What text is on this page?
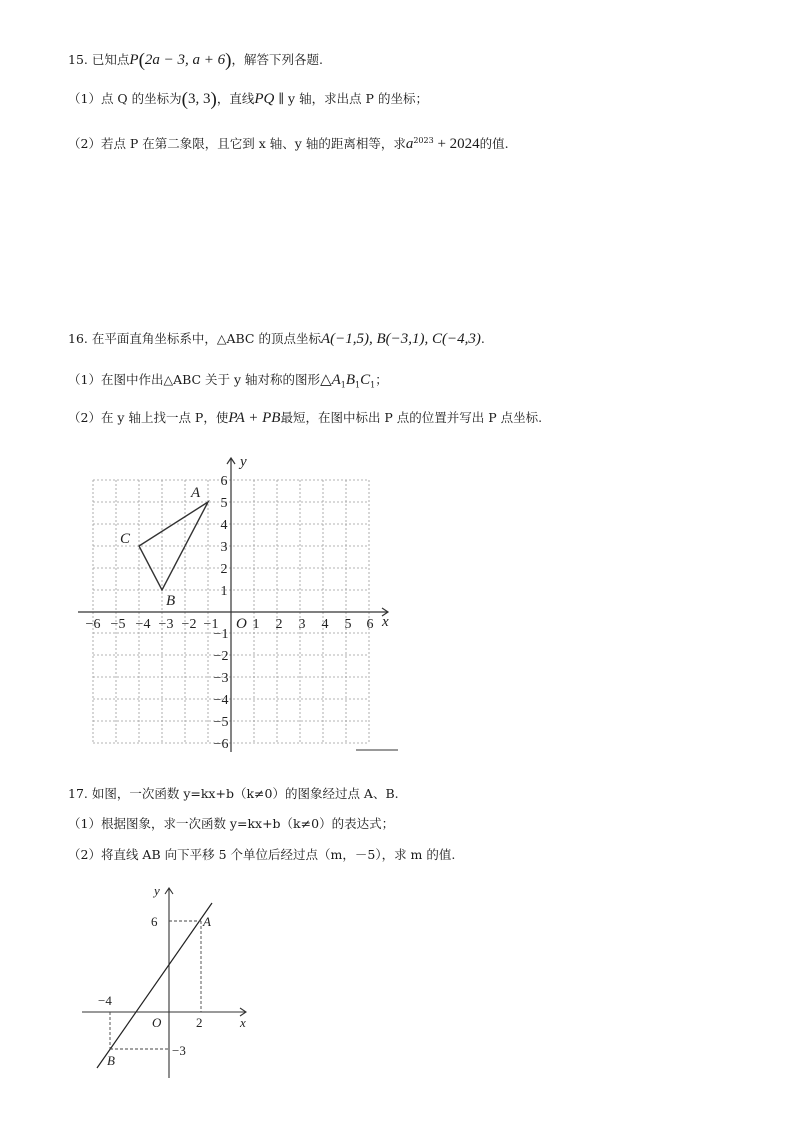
15. 已知点P(2a − 3, a + 6)，解答下列各题.
（1）点 Q 的坐标为(3, 3)，直线PQ ∥ y 轴，求出点 P 的坐标；
（2）若点 P 在第二象限，且它到 x 轴、y 轴的距离相等，求$a^{2023} + 2024$的值.
16. 在平面直角坐标系中，△ABC 的顶点坐标A(−1,5), B(−3,1), C(−4,3).
（1）在图中作出△ABC 关于 y 轴对称的图形$\triangle A_1B_1C_1$；
（2）在 y 轴上找一点 P，使PA + PB最短，在图中标出 P 点的位置并写出 P 点坐标.
A
B
C
y
x
O
−6 −5 −4 −3 −2 −1 1 2 3 4 5 6
1
2
3
4
5
6
−1
−2
−3
−4
−5
−6
17. 如图，一次函数 y=kx+b（k≠0）的图象经过点 A、B.
（1）根据图象，求一次函数 y=kx+b（k≠0）的表达式；
（2）将直线 AB 向下平移 5 个单位后经过点（m，－5），求 m 的值.
y
x
O
6
2
−4
−3
A
B
